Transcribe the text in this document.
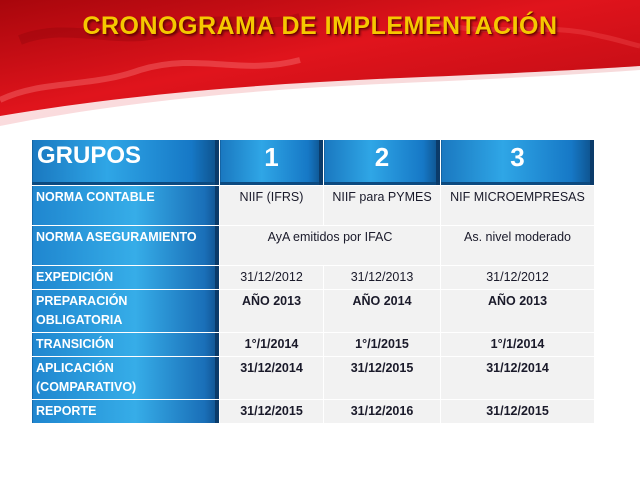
CRONOGRAMA DE IMPLEMENTACIÓN
GRUPOS	1	2	3
NORMA CONTABLE	NIIF (IFRS)	NIIF para PYMES	NIF MICROEMPRESAS
NORMA ASEGURAMIENTO	AyA emitidos por IFAC		As. nivel moderado
EXPEDICIÓN	31/12/2012	31/12/2013	31/12/2012
PREPARACIÓN OBLIGATORIA	AÑO 2013	AÑO 2014	AÑO 2013
TRANSICIÓN	1°/1/2014	1°/1/2015	1°/1/2014
APLICACIÓN (COMPARATIVO)	31/12/2014	31/12/2015	31/12/2014
REPORTE	31/12/2015	31/12/2016	31/12/2015
